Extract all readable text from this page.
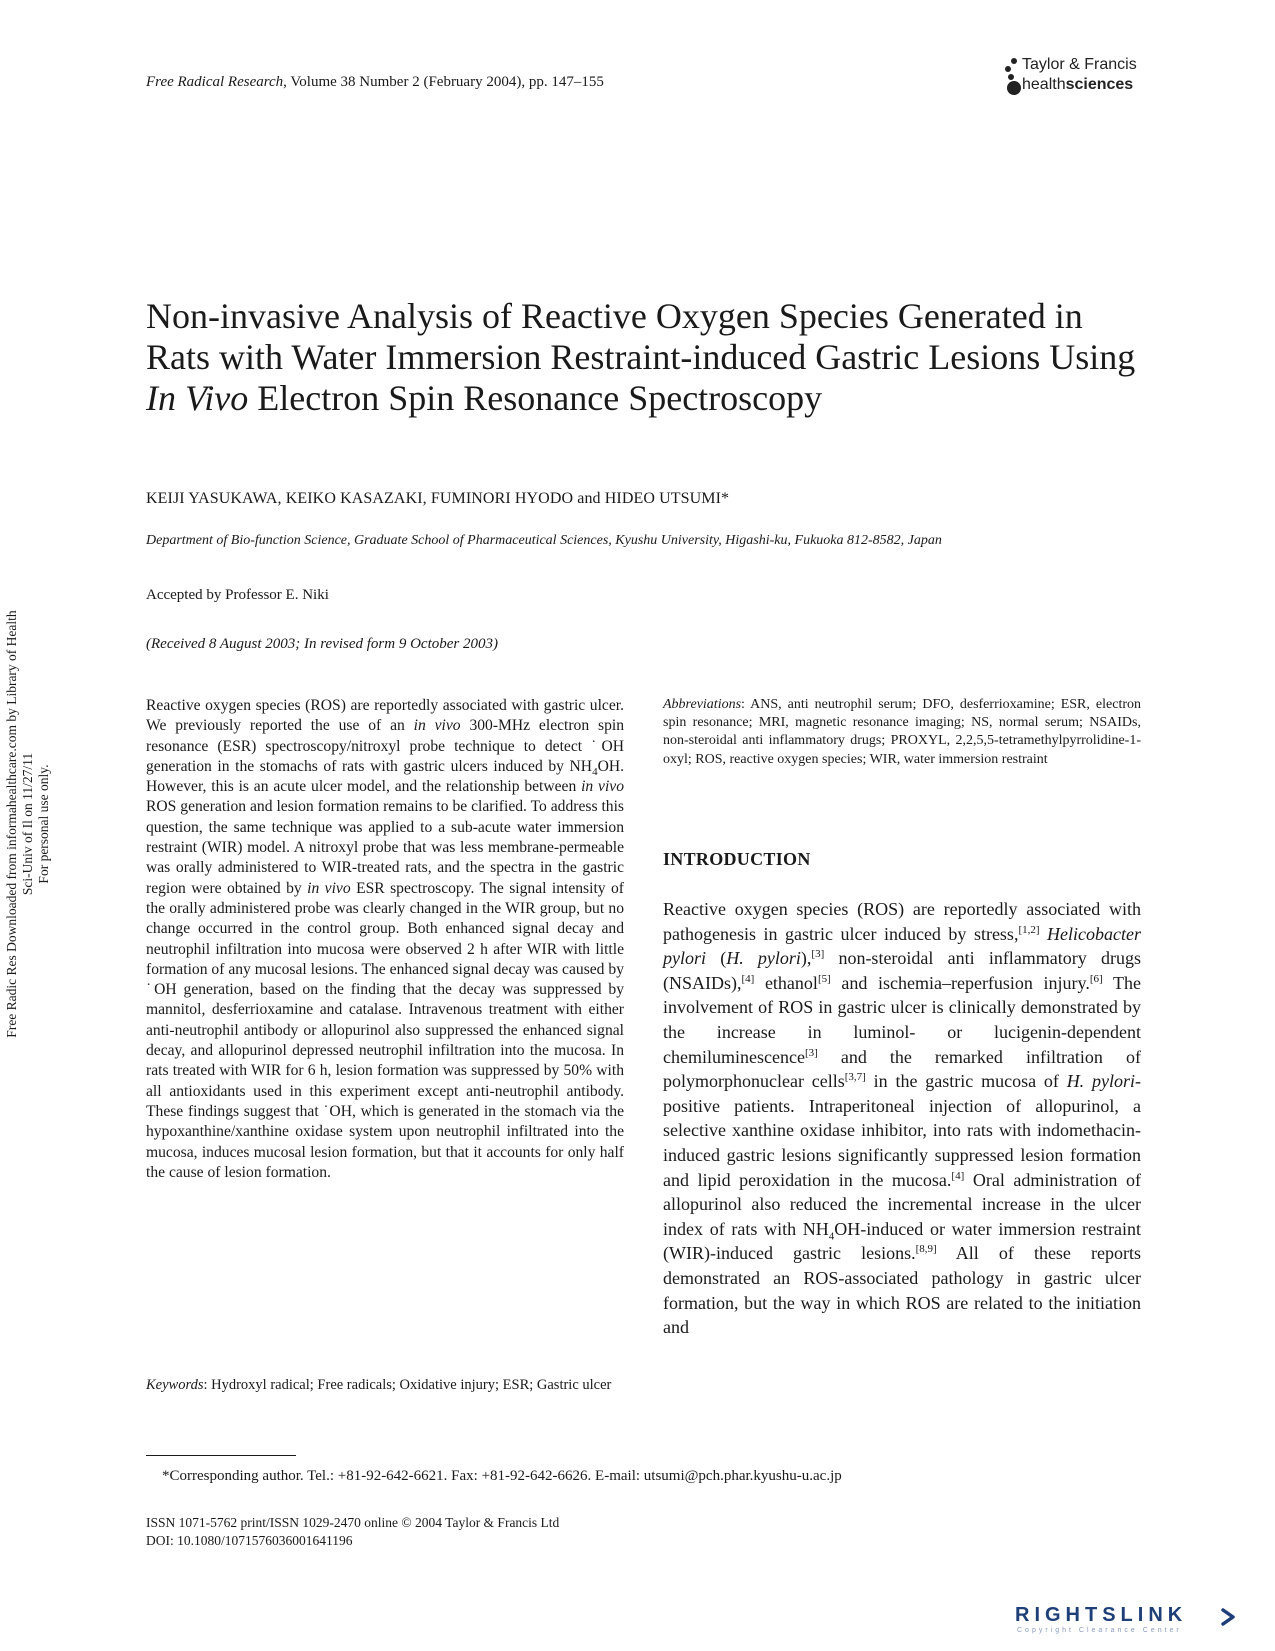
Free Radical Research, Volume 38 Number 2 (February 2004), pp. 147–155
Taylor & Francis
healthsciences
Free Radic Res Downloaded from informahealthcare.com by Library of Health Sci-Univ of Il on 11/27/11 For personal use only.
Non-invasive Analysis of Reactive Oxygen Species Generated in Rats with Water Immersion Restraint-induced Gastric Lesions Using In Vivo Electron Spin Resonance Spectroscopy
KEIJI YASUKAWA, KEIKO KASAZAKI, FUMINORI HYODO and HIDEO UTSUMI*
Department of Bio-function Science, Graduate School of Pharmaceutical Sciences, Kyushu University, Higashi-ku, Fukuoka 812-8582, Japan
Accepted by Professor E. Niki
(Received 8 August 2003; In revised form 9 October 2003)
Reactive oxygen species (ROS) are reportedly associated with gastric ulcer. We previously reported the use of an in vivo 300-MHz electron spin resonance (ESR) spectroscopy/nitroxyl probe technique to detect ˙OH generation in the stomachs of rats with gastric ulcers induced by $NH_4OH$. However, this is an acute ulcer model, and the relationship between in vivo ROS generation and lesion formation remains to be clarified. To address this question, the same technique was applied to a sub-acute water immersion restraint (WIR) model. A nitroxyl probe that was less membrane-permeable was orally administered to WIR-treated rats, and the spectra in the gastric region were obtained by in vivo ESR spectroscopy. The signal intensity of the orally administered probe was clearly changed in the WIR group, but no change occurred in the control group. Both enhanced signal decay and neutrophil infiltration into mucosa were observed 2 h after WIR with little formation of any mucosal lesions. The enhanced signal decay was caused by ˙OH generation, based on the finding that the decay was suppressed by mannitol, desferrioxamine and catalase. Intravenous treatment with either anti-neutrophil antibody or allopurinol also suppressed the enhanced signal decay, and allopurinol depressed neutrophil infiltration into the mucosa. In rats treated with WIR for 6 h, lesion formation was suppressed by 50% with all antioxidants used in this experiment except anti-neutrophil antibody. These findings suggest that ˙OH, which is generated in the stomach via the hypoxanthine/xanthine oxidase system upon neutrophil infiltrated into the mucosa, induces mucosal lesion formation, but that it accounts for only half the cause of lesion formation.
Keywords: Hydroxyl radical; Free radicals; Oxidative injury; ESR; Gastric ulcer
Abbreviations: ANS, anti neutrophil serum; DFO, desferrioxamine; ESR, electron spin resonance; MRI, magnetic resonance imaging; NS, normal serum; NSAIDs, non-steroidal anti inflammatory drugs; PROXYL, 2,2,5,5-tetramethylpyrrolidine-1-oxyl; ROS, reactive oxygen species; WIR, water immersion restraint
INTRODUCTION
Reactive oxygen species (ROS) are reportedly associated with pathogenesis in gastric ulcer induced by stress,[1,2] Helicobacter pylori (H. pylori),[3] non-steroidal anti inflammatory drugs (NSAIDs),[4] ethanol[5] and ischemia–reperfusion injury.[6] The involvement of ROS in gastric ulcer is clinically demonstrated by the increase in luminol- or lucigenin-dependent chemiluminescence[3] and the remarked infiltration of polymorphonuclear cells[3,7] in the gastric mucosa of H. pylori-positive patients. Intraperitoneal injection of allopurinol, a selective xanthine oxidase inhibitor, into rats with indomethacin-induced gastric lesions significantly suppressed lesion formation and lipid peroxidation in the mucosa.[4] Oral administration of allopurinol also reduced the incremental increase in the ulcer index of rats with $NH_4OH$-induced or water immersion restraint (WIR)-induced gastric lesions.[8,9] All of these reports demonstrated an ROS-associated pathology in gastric ulcer formation, but the way in which ROS are related to the initiation and
*Corresponding author. Tel.: +81-92-642-6621. Fax: +81-92-642-6626. E-mail: utsumi@pch.phar.kyushu-u.ac.jp
ISSN 1071-5762 print/ISSN 1029-2470 online © 2004 Taylor & Francis Ltd
DOI: 10.1080/1071576036001641196
RIGHTSLINK
Copyright Clearance Center
